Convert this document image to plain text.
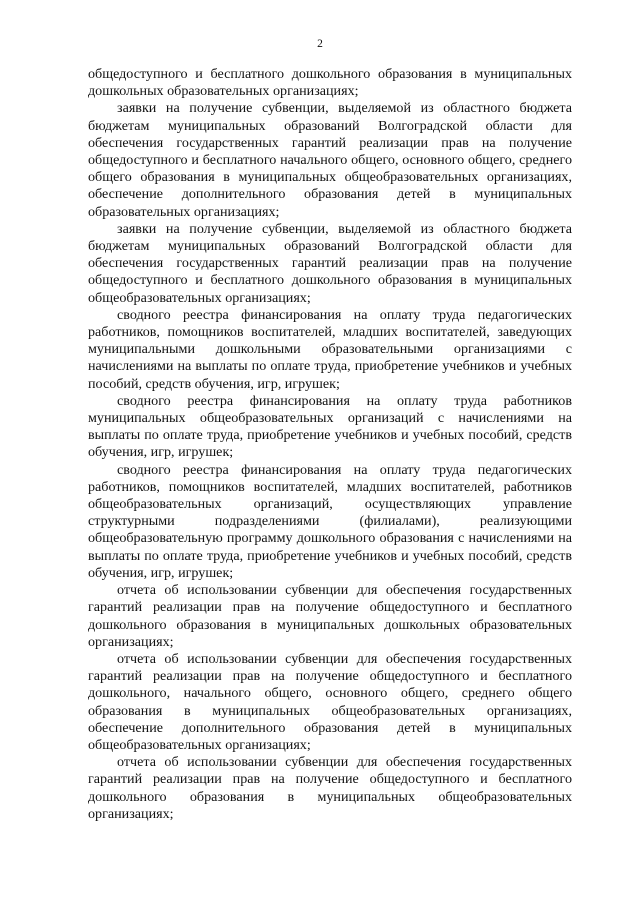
2

общедоступного и бесплатного дошкольного образования в муниципальных дошкольных образовательных организациях;

заявки на получение субвенции, выделяемой из областного бюджета бюджетам муниципальных образований Волгоградской области для обеспечения государственных гарантий реализации прав на получение общедоступного и бесплатного начального общего, основного общего, среднего общего образования в муниципальных общеобразовательных организациях, обеспечение дополнительного образования детей в муниципальных образовательных организациях;

заявки на получение субвенции, выделяемой из областного бюджета бюджетам муниципальных образований Волгоградской области для обеспечения государственных гарантий реализации прав на получение общедоступного и бесплатного дошкольного образования в муниципальных общеобразовательных организациях;

сводного реестра финансирования на оплату труда педагогических работников, помощников воспитателей, младших воспитателей, заведующих муниципальными дошкольными образовательными организациями с начислениями на выплаты по оплате труда, приобретение учебников и учебных пособий, средств обучения, игр, игрушек;

сводного реестра финансирования на оплату труда работников муниципальных общеобразовательных организаций с начислениями на выплаты по оплате труда, приобретение учебников и учебных пособий, средств обучения, игр, игрушек;

сводного реестра финансирования на оплату труда педагогических работников, помощников воспитателей, младших воспитателей, работников общеобразовательных организаций, осуществляющих управление структурными подразделениями (филиалами), реализующими общеобразовательную программу дошкольного образования с начислениями на выплаты по оплате труда, приобретение учебников и учебных пособий, средств обучения, игр, игрушек;

отчета об использовании субвенции для обеспечения государственных гарантий реализации прав на получение общедоступного и бесплатного дошкольного образования в муниципальных дошкольных образовательных организациях;

отчета об использовании субвенции для обеспечения государственных гарантий реализации прав на получение общедоступного и бесплатного дошкольного, начального общего, основного общего, среднего общего образования в муниципальных общеобразовательных организациях, обеспечение дополнительного образования детей в муниципальных общеобразовательных организациях;

отчета об использовании субвенции для обеспечения государственных гарантий реализации прав на получение общедоступного и бесплатного дошкольного образования в муниципальных общеобразовательных организациях;
